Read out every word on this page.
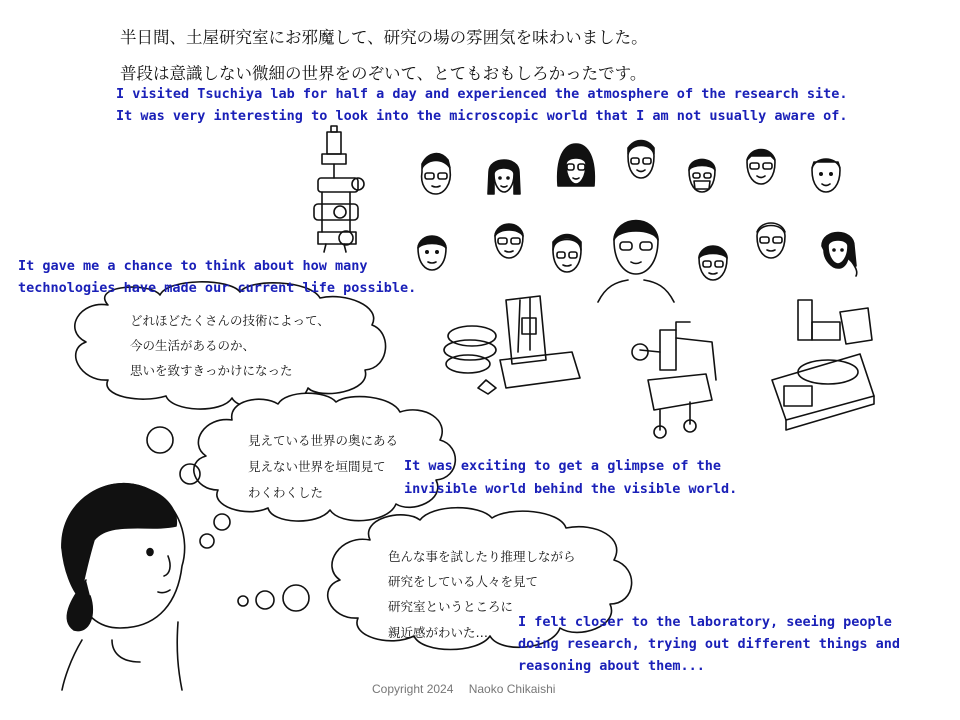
半日間、土屋研究室にお邪魔して、研究の場の雰囲気を味わいました。
普段は意識しない微細の世界をのぞいて、とてもおもしろかったです。
I visited Tsuchiya lab for half a day and experienced the atmosphere of the research site.
It was very interesting to look into the microscopic world that I am not usually aware of.
It gave me a chance to think about how many
technologies have made our current life possible.
どれほどたくさんの技術によって、
今の生活があるのか、
思いを致すきっかけになった
見えている世界の奥にある
見えない世界を垣間見て
わくわくした
It was exciting to get a glimpse of the
invisible world behind the visible world.
色んな事を試したり推理しながら
研究をしている人々を見て
研究室というところに
親近感がわいた…
I felt closer to the laboratory, seeing people
doing research, trying out different things and
reasoning about them...
Copyright 2024　 Naoko Chikaishi
